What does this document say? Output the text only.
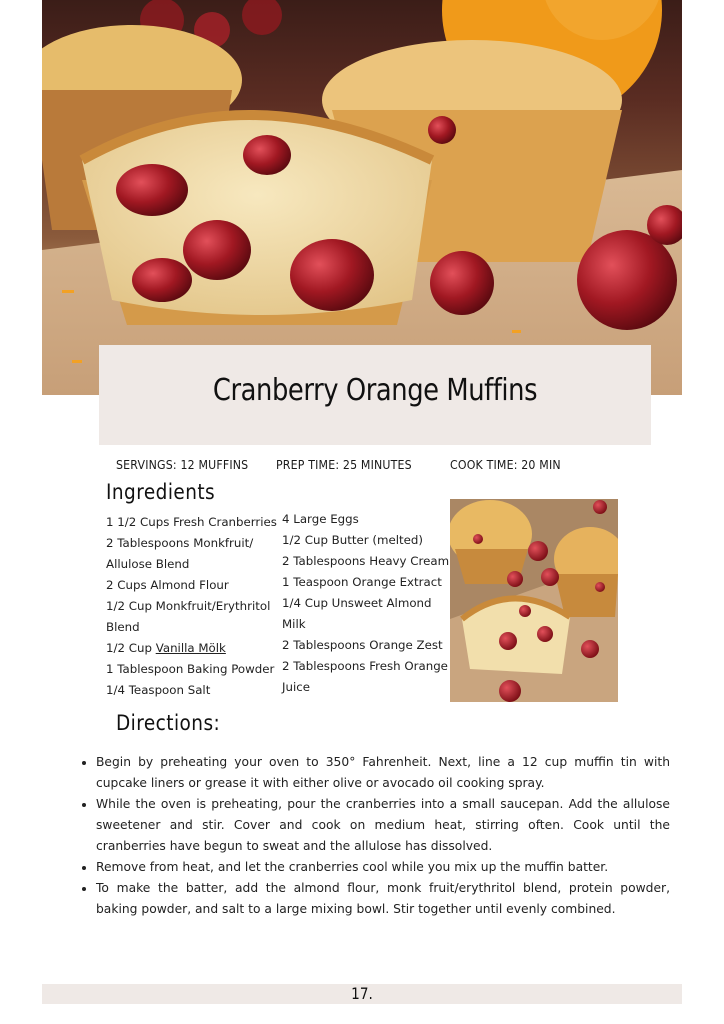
Cranberry Orange Muffins
SERVINGS: 12 MUFFINS PREP TIME: 25 MINUTES	COOK TIME: 20 MIN
Ingredients
1 1/2 Cups Fresh Cranberries
2 Tablespoons Monkfruit/
Allulose Blend
2 Cups Almond Flour
1/2 Cup Monkfruit/Erythritol
Blend
1/2 Cup Vanilla Mölk
1 Tablespoon Baking Powder
1/4 Teaspoon Salt
4 Large Eggs
1/2 Cup Butter (melted)
2 Tablespoons Heavy Cream
1 Teaspoon Orange Extract
1/4 Cup Unsweet Almond
Milk
2 Tablespoons Orange Zest
2 Tablespoons Fresh Orange
Juice
Directions:
• Begin by preheating your oven to 350° Fahrenheit. Next, line a 12 cup muffin tin with cupcake liners or grease it with either olive or avocado oil cooking spray.
• While the oven is preheating, pour the cranberries into a small saucepan. Add the allulose sweetener and stir. Cover and cook on medium heat, stirring often. Cook until the cranberries have begun to sweat and the allulose has dissolved.
• Remove from heat, and let the cranberries cool while you mix up the muffin batter.
• To make the batter, add the almond flour, monk fruit/erythritol blend, protein powder, baking powder, and salt to a large mixing bowl. Stir together until evenly combined.
17.
